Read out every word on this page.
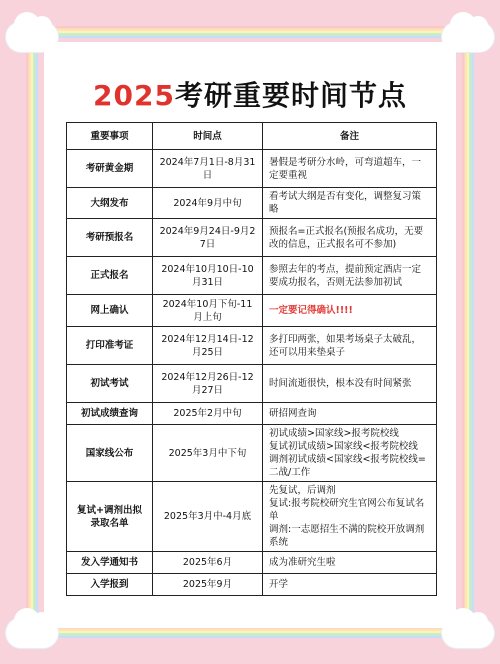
2025考研重要时间节点
重要事项	时间点	备注
考研黄金期	2024年7月1日-8月31日	暑假是考研分水岭，可弯道超车，一定要重视
大纲发布	2024年9月中旬	看考试大纲是否有变化，调整复习策略
考研预报名	2024年9月24日-9月27日	预报名=正式报名(预报名成功，无要改的信息，正式报名可不参加)
正式报名	2024年10月10日-10月31日	参照去年的考点，提前预定酒店一定要成功报名，否则无法参加初试
网上确认	2024年10月下旬-11月上旬	一定要记得确认!!!!
打印准考证	2024年12月14日-12月25日	多打印两张，如果考场桌子太破乱，还可以用来垫桌子
初试考试	2024年12月26日-12月27日	时间流逝很快，根本没有时间紧张
初试成绩查询	2025年2月中旬	研招网查询
国家线公布	2025年3月中下旬	初试成绩>国家线>报考院校线
复试初试成绩>国家线<报考院校线
调剂初试成绩<国家线<报考院校线=二战/工作

复试+调剂出拟录取名单	2025年3月中-4月底	先复试，后调剂
复试:报考院校研究生官网公布复试名单
调剂:一志愿招生不满的院校开放调剂系统

发入学通知书	2025年6月	成为准研究生啦
入学报到	2025年9月	开学
